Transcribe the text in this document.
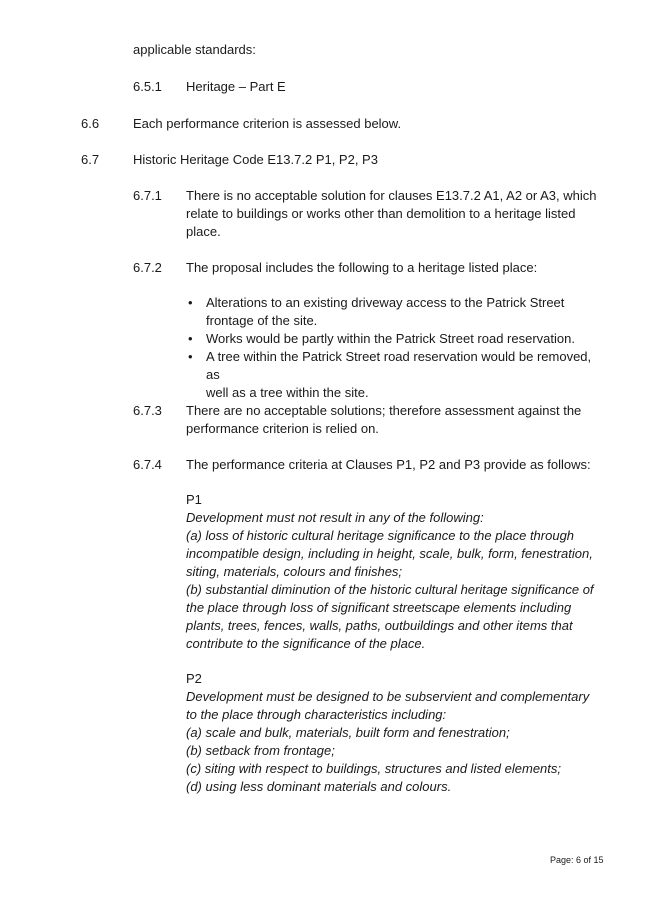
applicable standards:
6.5.1 Heritage – Part E
6.6	Each performance criterion is assessed below.
6.7	Historic Heritage Code E13.7.2 P1, P2, P3
6.7.1 There is no acceptable solution for clauses E13.7.2 A1, A2 or A3, which
relate to buildings or works other than demolition to a heritage listed
place.
6.7.2 The proposal includes the following to a heritage listed place:
• Alterations to an existing driveway access to the Patrick Street
frontage of the site.
• Works would be partly within the Patrick Street road reservation.
• A tree within the Patrick Street road reservation would be removed, as
well as a tree within the site.
6.7.3 There are no acceptable solutions; therefore assessment against the
performance criterion is relied on.
6.7.4 The performance criteria at Clauses P1, P2 and P3 provide as follows:
P1
Development must not result in any of the following:
(a) loss of historic cultural heritage significance to the place through
incompatible design, including in height, scale, bulk, form, fenestration,
siting, materials, colours and finishes;
(b) substantial diminution of the historic cultural heritage significance of
the place through loss of significant streetscape elements including
plants, trees, fences, walls, paths, outbuildings and other items that
contribute to the significance of the place.
P2
Development must be designed to be subservient and complementary
to the place through characteristics including:
(a) scale and bulk, materials, built form and fenestration;
(b) setback from frontage;
(c) siting with respect to buildings, structures and listed elements;
(d) using less dominant materials and colours.
Page: 6 of 15
